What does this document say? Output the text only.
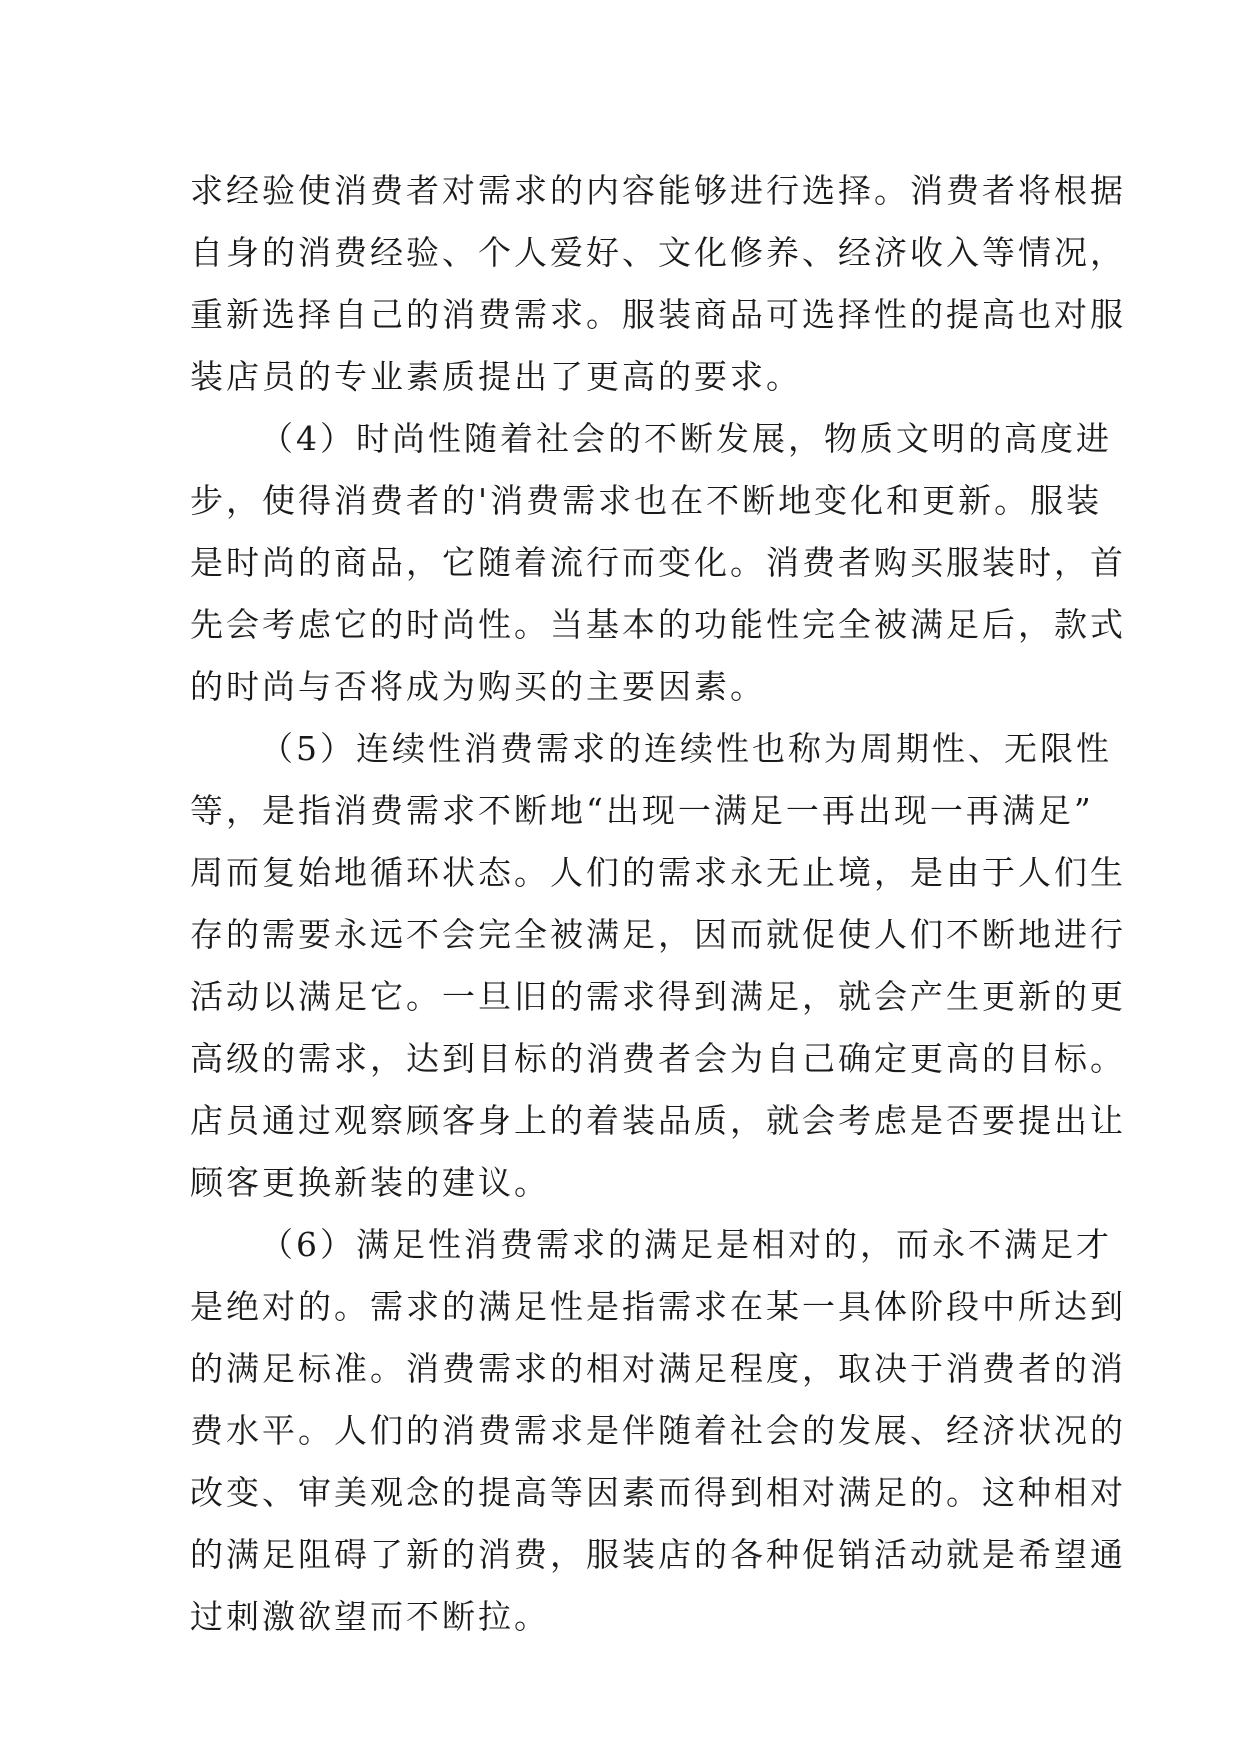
求经验使消费者对需求的内容能够进行选择。消费者将根据
自身的消费经验、个人爱好、文化修养、经济收入等情况，
重新选择自己的消费需求。服装商品可选择性的提高也对服
装店员的专业素质提出了更高的要求。
（4）时尚性随着社会的不断发展，物质文明的高度进
步，使得消费者的'消费需求也在不断地变化和更新。服装
是时尚的商品，它随着流行而变化。消费者购买服装时，首
先会考虑它的时尚性。当基本的功能性完全被满足后，款式
的时尚与否将成为购买的主要因素。
（5）连续性消费需求的连续性也称为周期性、无限性
等，是指消费需求不断地“出现一满足一再出现一再满足”
周而复始地循环状态。人们的需求永无止境，是由于人们生
存的需要永远不会完全被满足，因而就促使人们不断地进行
活动以满足它。一旦旧的需求得到满足，就会产生更新的更
高级的需求，达到目标的消费者会为自己确定更高的目标。
店员通过观察顾客身上的着装品质，就会考虑是否要提出让
顾客更换新装的建议。
（6）满足性消费需求的满足是相对的，而永不满足才
是绝对的。需求的满足性是指需求在某一具体阶段中所达到
的满足标准。消费需求的相对满足程度，取决于消费者的消
费水平。人们的消费需求是伴随着社会的发展、经济状况的
改变、审美观念的提高等因素而得到相对满足的。这种相对
的满足阻碍了新的消费，服装店的各种促销活动就是希望通
过刺激欲望而不断拉。
